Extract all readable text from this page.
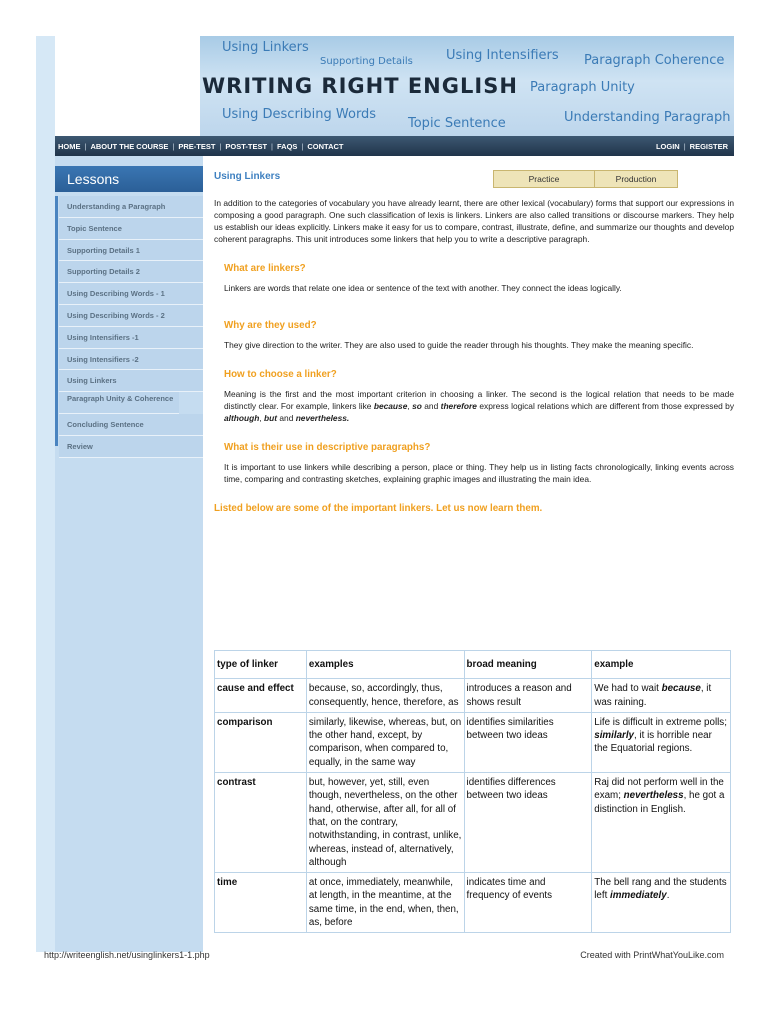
Using Linkers
Supporting Details	Using Intensifiers Paragraph Coherence
WRITING RIGHT ENGLISH Paragraph Unity
Using Describing Words
Topic Sentence	Understanding Paragraph
HOME | ABOUT THE COURSE | PRE-TEST | POST-TEST | FAQS | CONTACT	LOGIN | REGISTER
Lessons
Understanding a Paragraph
Topic Sentence
Supporting Details 1
Supporting Details 2
Using Describing Words - 1
Using Describing Words - 2
Using Intensifiers -1
Using Intensifiers -2
Using Linkers
Paragraph Unity & Coherence
Concluding Sentence
Review
Practice	Production
Using Linkers

In addition to the categories of vocabulary you have already learnt, there are other lexical (vocabulary) forms that support our expressions in composing a good paragraph. One such classification of lexis is linkers. Linkers are also called transitions or discourse markers. They help us establish our ideas explicitly. Linkers make it easy for us to compare, contrast, illustrate, define, and summarize our thoughts and develop coherent paragraphs. This unit introduces some linkers that help you to write a descriptive paragraph.

What are linkers?

Linkers are words that relate one idea or sentence of the text with another. They connect the ideas logically.

Why are they used?

They give direction to the writer. They are also used to guide the reader through his thoughts. They make the meaning specific.

How to choose a linker?

Meaning is the first and the most important criterion in choosing a linker. The second is the logical relation that needs to be made distinctly clear. For example, linkers like because, so and therefore express logical relations which are different from those expressed by although, but and nevertheless.

What is their use in descriptive paragraphs?

It is important to use linkers while describing a person, place or thing. They help us in listing facts chronologically, linking events across time, comparing and contrasting sketches, explaining graphic images and illustrating the main idea.

Listed below are some of the important linkers. Let us now learn them.
type of linker	examples	broad meaning	example
cause and effect	because, so, accordingly, thus, consequently, hence, therefore, as	introduces a reason and shows result	We had to wait because, it was raining.
comparison	similarly, likewise, whereas, but, on the other hand, except, by comparison, when compared to, equally, in the same way	identifies similarities between two ideas	Life is difficult in extreme polls; similarly, it is horrible near the Equatorial regions.
contrast	but, however, yet, still, even though, nevertheless, on the other hand, otherwise, after all, for all of that, on the contrary, notwithstanding, in contrast, unlike, whereas, instead of, alternatively, although	identifies differences between two ideas	Raj did not perform well in the exam; nevertheless, he got a distinction in English.
time	at once, immediately, meanwhile, at length, in the meantime, at the same time, in the end, when, then, as, before	indicates time and frequency of events	The bell rang and the students left immediately.
http://writeenglish.net/usinglinkers1-1.php	Created with PrintWhatYouLike.com
